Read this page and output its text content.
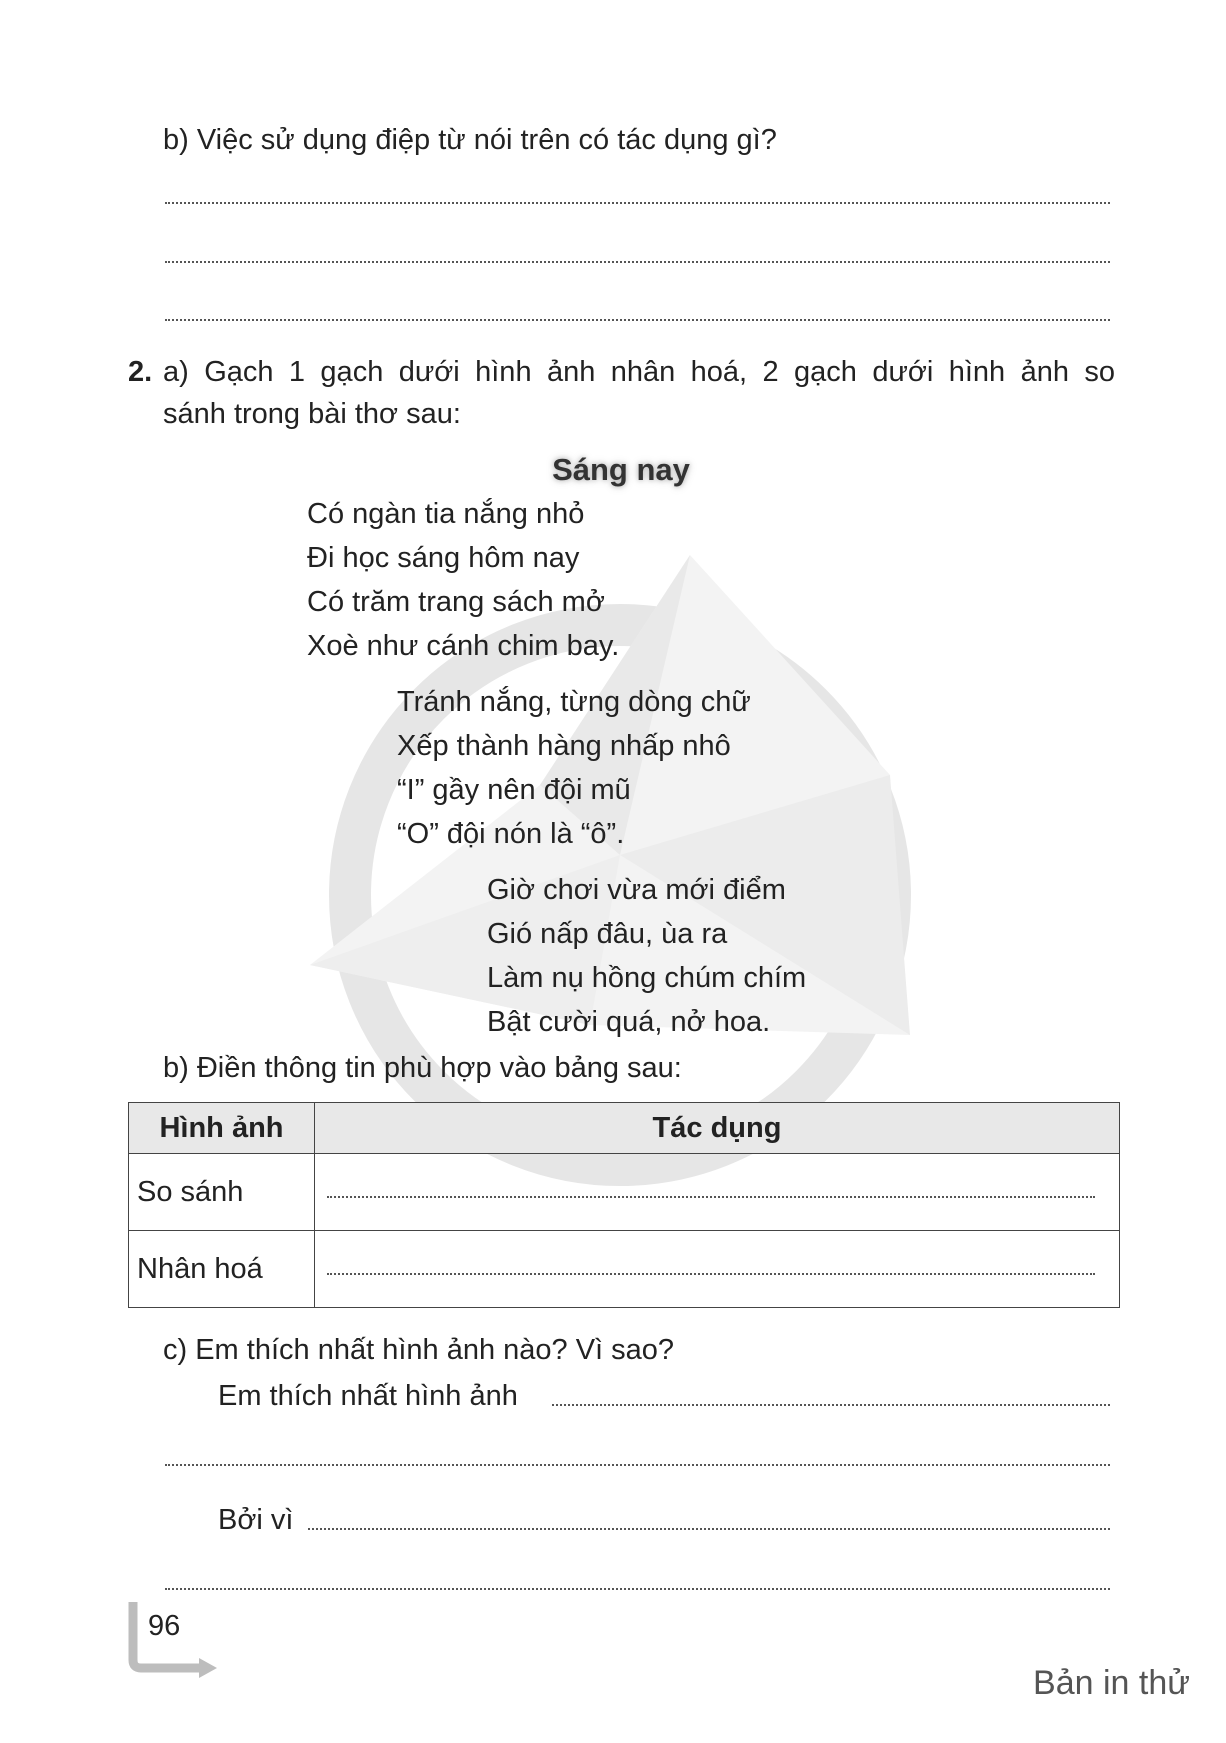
b) Việc sử dụng điệp từ nói trên có tác dụng gì?
2. a) Gạch 1 gạch dưới hình ảnh nhân hoá, 2 gạch dưới hình ảnh so
sánh trong bài thơ sau:
Sáng nay
Có ngàn tia nắng nhỏ
Đi học sáng hôm nay
Có trăm trang sách mở
Xoè như cánh chim bay.
Tránh nắng, từng dòng chữ
Xếp thành hàng nhấp nhô
“I” gầy nên đội mũ
“O” đội nón là “ô”.
Giờ chơi vừa mới điểm
Gió nấp đâu, ùa ra
Làm nụ hồng chúm chím
Bật cười quá, nở hoa.
b) Điền thông tin phù hợp vào bảng sau:
Hình ảnh	Tác dụng
So sánh	

Nhân hoá	
c) Em thích nhất hình ảnh nào? Vì sao?
Em thích nhất hình ảnh
Bởi vì
96
Bản in thử
